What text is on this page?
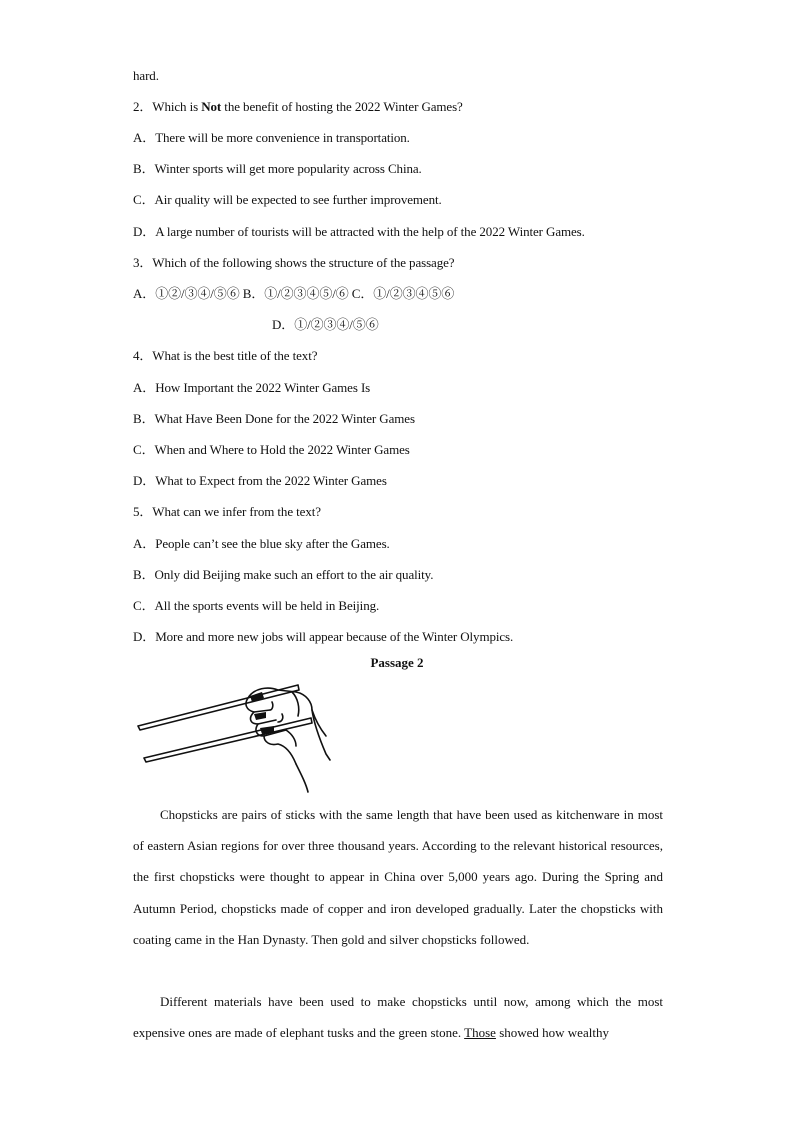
hard.
2．Which is Not the benefit of hosting the 2022 Winter Games?
A．There will be more convenience in transportation.
B．Winter sports will get more popularity across China.
C．Air quality will be expected to see further improvement.
D．A large number of tourists will be attracted with the help of the 2022 Winter Games.
3．Which of the following shows the structure of the passage?
A．①②/③④/⑤⑥ B．①/②③④⑤/⑥ C．①/②③④⑤⑥
D．①/②③④/⑤⑥
4．What is the best title of the text?
A．How Important the 2022 Winter Games Is
B．What Have Been Done for the 2022 Winter Games
C．When and Where to Hold the 2022 Winter Games
D．What to Expect from the 2022 Winter Games
5．What can we infer from the text?
A．People can’t see the blue sky after the Games.
B．Only did Beijing make such an effort to the air quality.
C．All the sports events will be held in Beijing.
D．More and more new jobs will appear because of the Winter Olympics.
Passage 2
Chopsticks are pairs of sticks with the same length that have been used as kitchenware in most of eastern Asian regions for over three thousand years. According to the relevant historical resources, the first chopsticks were thought to appear in China over 5,000 years ago. During the Spring and Autumn Period, chopsticks made of copper and iron developed gradually. Later the chopsticks with coating came in the Han Dynasty. Then gold and silver chopsticks followed.
Different materials have been used to make chopsticks until now, among which the most expensive ones are made of elephant tusks and the green stone. Those showed how wealthy
